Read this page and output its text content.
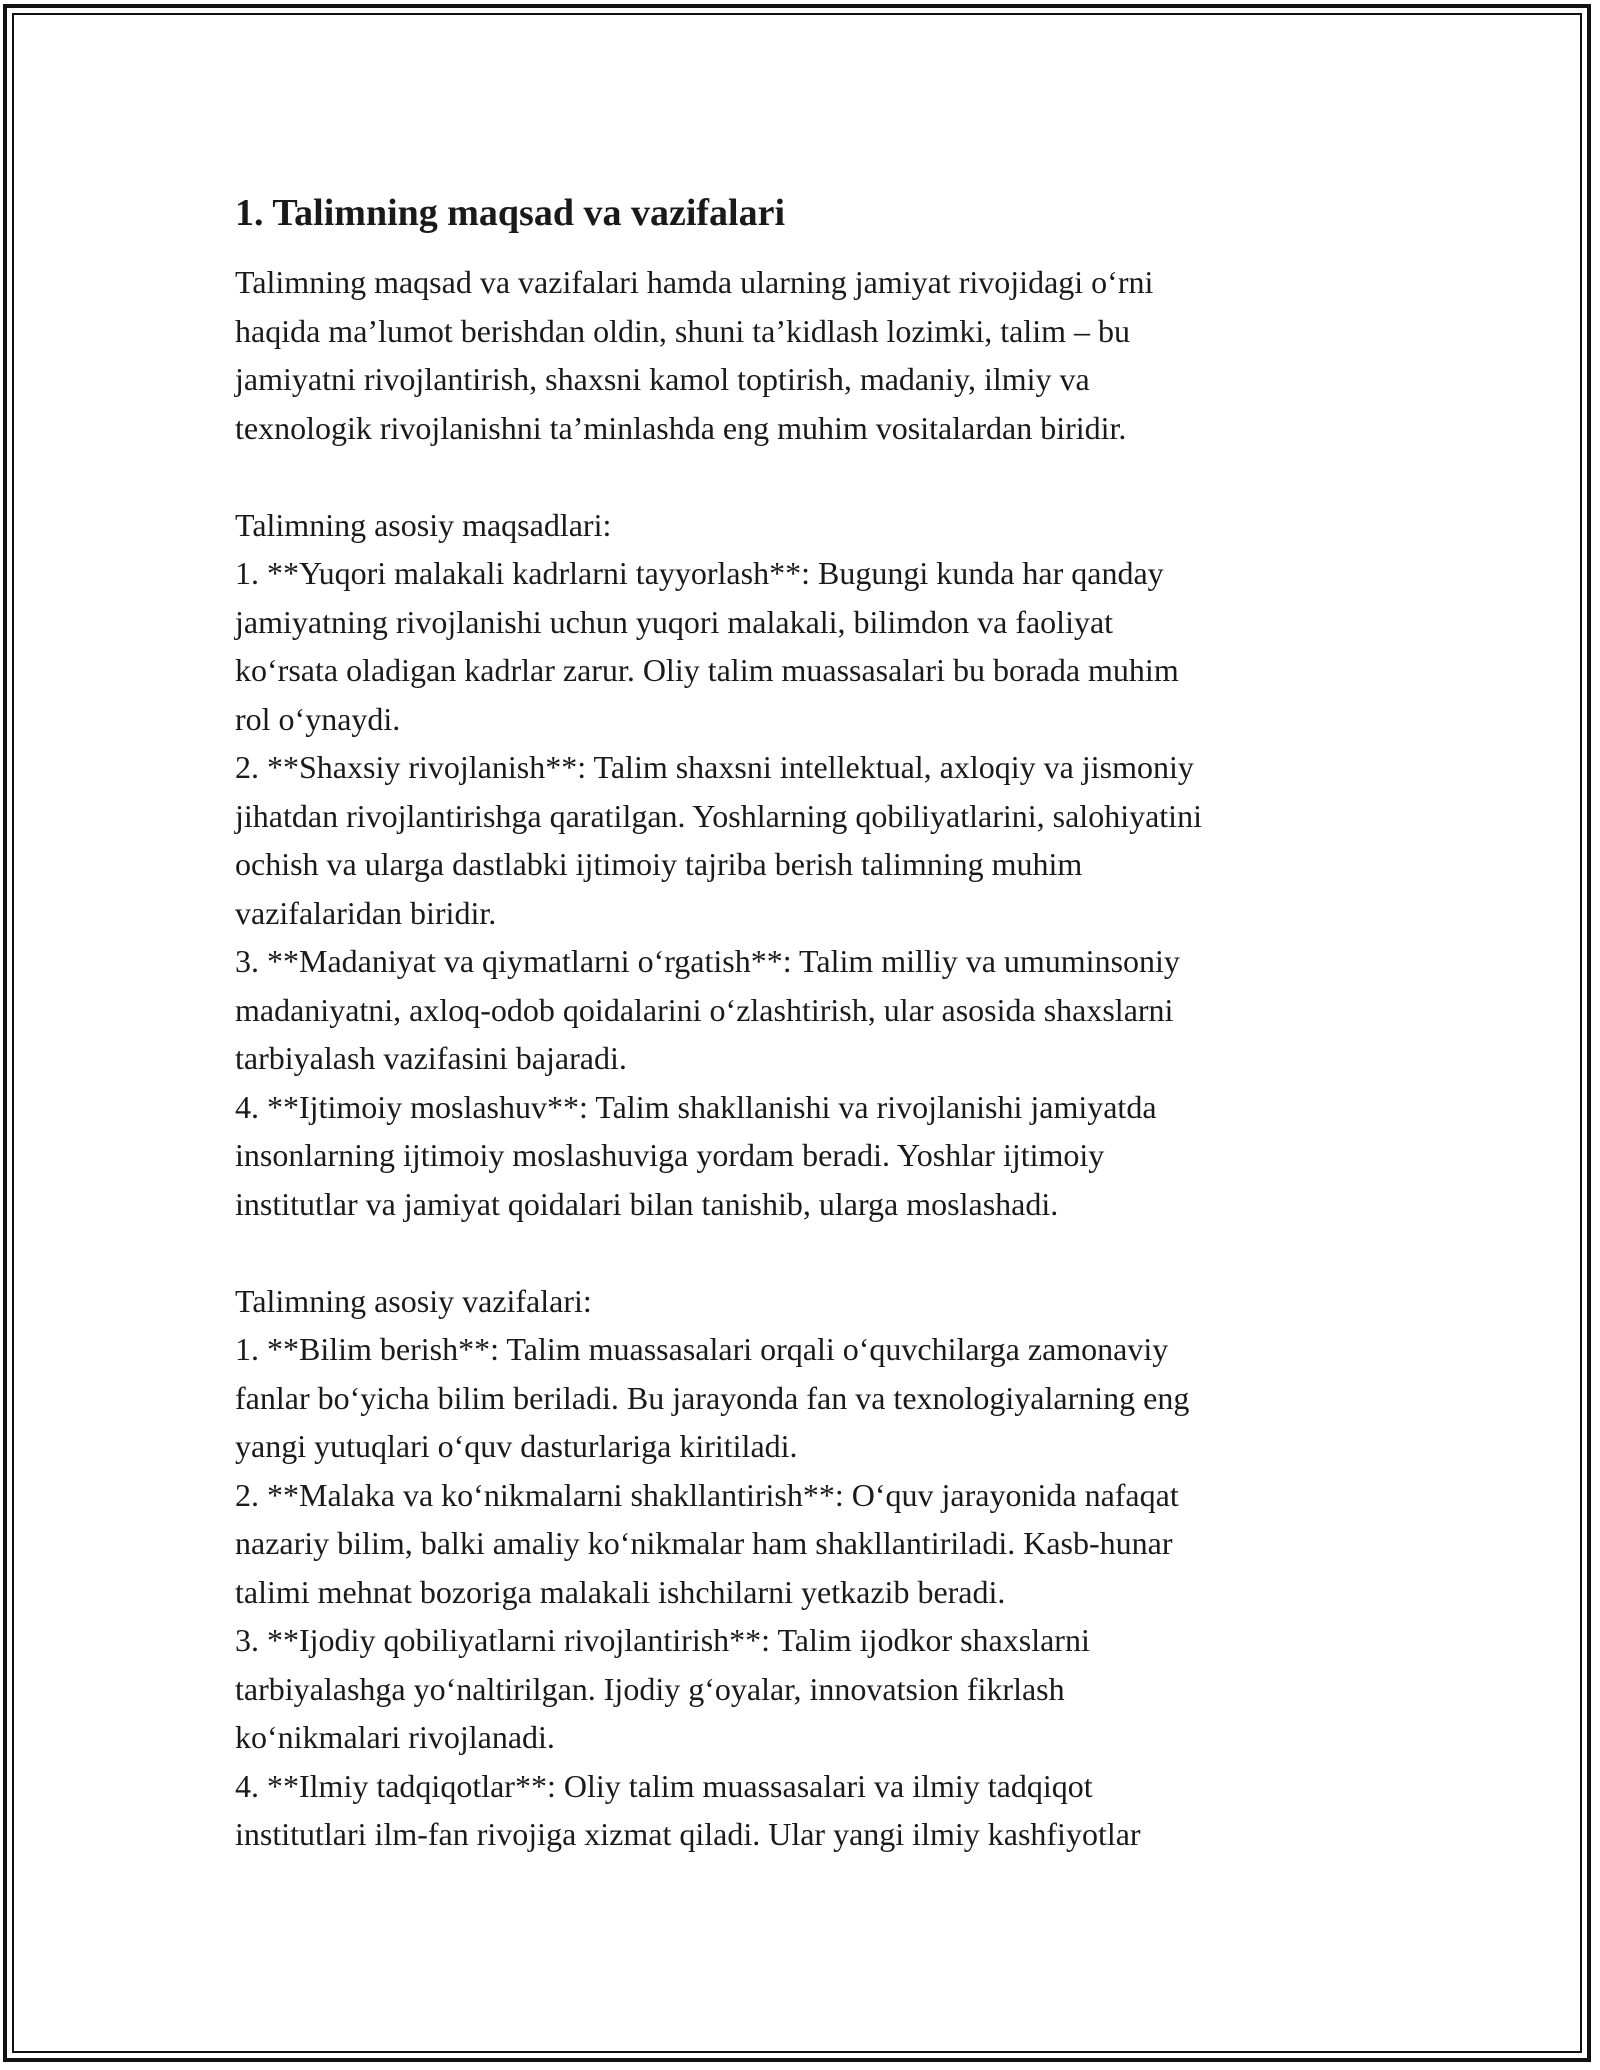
1. Talimning maqsad va vazifalari

Talimning maqsad va vazifalari hamda ularning jamiyat rivojidagi o‘rni
haqida ma’lumot berishdan oldin, shuni ta’kidlash lozimki, talim – bu
jamiyatni rivojlantirish, shaxsni kamol toptirish, madaniy, ilmiy va
texnologik rivojlanishni ta’minlashda eng muhim vositalardan biridir.

Talimning asosiy maqsadlari:

1. **Yuqori malakali kadrlarni tayyorlash**: Bugungi kunda har qanday
jamiyatning rivojlanishi uchun yuqori malakali, bilimdon va faoliyat
ko‘rsata oladigan kadrlar zarur. Oliy talim muassasalari bu borada muhim
rol o‘ynaydi.

2. **Shaxsiy rivojlanish**: Talim shaxsni intellektual, axloqiy va jismoniy
jihatdan rivojlantirishga qaratilgan. Yoshlarning qobiliyatlarini, salohiyatini
ochish va ularga dastlabki ijtimoiy tajriba berish talimning muhim
vazifalaridan biridir.

3. **Madaniyat va qiymatlarni o‘rgatish**: Talim milliy va umuminsoniy
madaniyatni, axloq-odob qoidalarini o‘zlashtirish, ular asosida shaxslarni
tarbiyalash vazifasini bajaradi.

4. **Ijtimoiy moslashuv**: Talim shakllanishi va rivojlanishi jamiyatda
insonlarning ijtimoiy moslashuviga yordam beradi. Yoshlar ijtimoiy
institutlar va jamiyat qoidalari bilan tanishib, ularga moslashadi.

Talimning asosiy vazifalari:

1. **Bilim berish**: Talim muassasalari orqali o‘quvchilarga zamonaviy
fanlar bo‘yicha bilim beriladi. Bu jarayonda fan va texnologiyalarning eng
yangi yutuqlari o‘quv dasturlariga kiritiladi.

2. **Malaka va ko‘nikmalarni shakllantirish**: O‘quv jarayonida nafaqat
nazariy bilim, balki amaliy ko‘nikmalar ham shakllantiriladi. Kasb-hunar
talimi mehnat bozoriga malakali ishchilarni yetkazib beradi.

3. **Ijodiy qobiliyatlarni rivojlantirish**: Talim ijodkor shaxslarni
tarbiyalashga yo‘naltirilgan. Ijodiy g‘oyalar, innovatsion fikrlash
ko‘nikmalari rivojlanadi.

4. **Ilmiy tadqiqotlar**: Oliy talim muassasalari va ilmiy tadqiqot
institutlari ilm-fan rivojiga xizmat qiladi. Ular yangi ilmiy kashfiyotlar
